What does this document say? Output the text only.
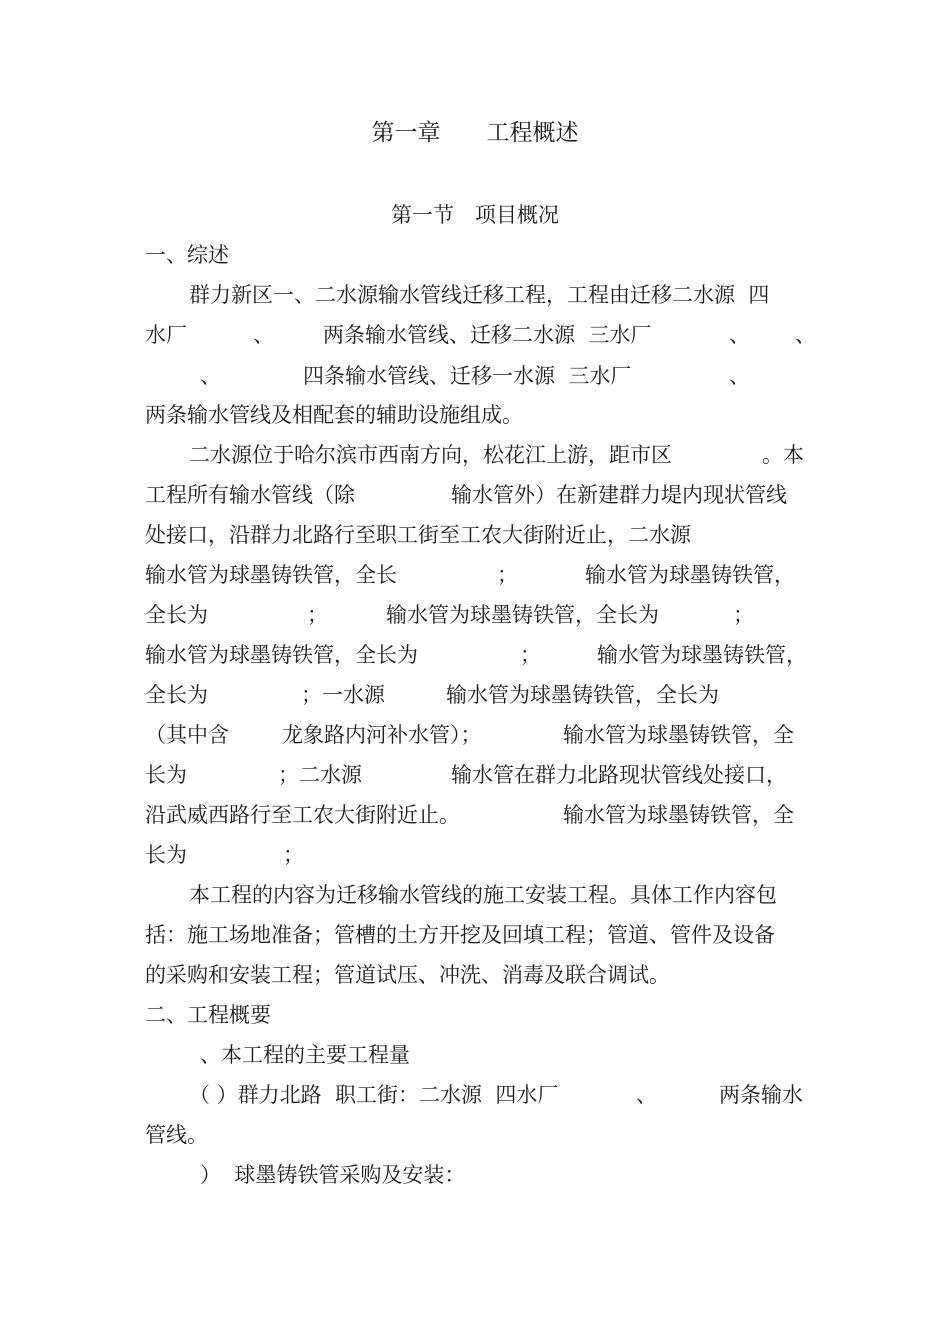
第一章　　工程概述
第一节　项目概况
一、综述
群力新区一、二水源输水管线迁移工程，工程由迁移二水源  四
水厂	、 两条输水管线、迁移二水源  三水厂	、 、
、	四条输水管线、迁移一水源  三水厂	、
两条输水管线及相配套的辅助设施组成。
二水源位于哈尔滨市西南方向，松花江上游，距市区	。本
工程所有输水管线（除	输水管外）在新建群力堤内现状管线
处接口，沿群力北路行至职工街至工农大街附近止，二水源
输水管为球墨铸铁管，全长	；	输水管为球墨铸铁管，
全长为	；	输水管为球墨铸铁管，全长为	；
输水管为球墨铸铁管，全长为	；	输水管为球墨铸铁管，
全长为	；一水源	输水管为球墨铸铁管，全长为
（其中含	龙象路内河补水管）；	输水管为球墨铸铁管，全
长为	；二水源	输水管在群力北路现状管线处接口，
沿武威西路行至工农大街附近止。	输水管为球墨铸铁管，全
长为	；
本工程的内容为迁移输水管线的施工安装工程。具体工作内容包
括：施工场地准备；管槽的土方开挖及回填工程；管道、管件及设备
的采购和安装工程；管道试压、冲洗、消毒及联合调试。
二、工程概要
、本工程的主要工程量
（ ）群力北路  职工街：二水源  四水厂	、	两条输水
管线。
）  球墨铸铁管采购及安装：
